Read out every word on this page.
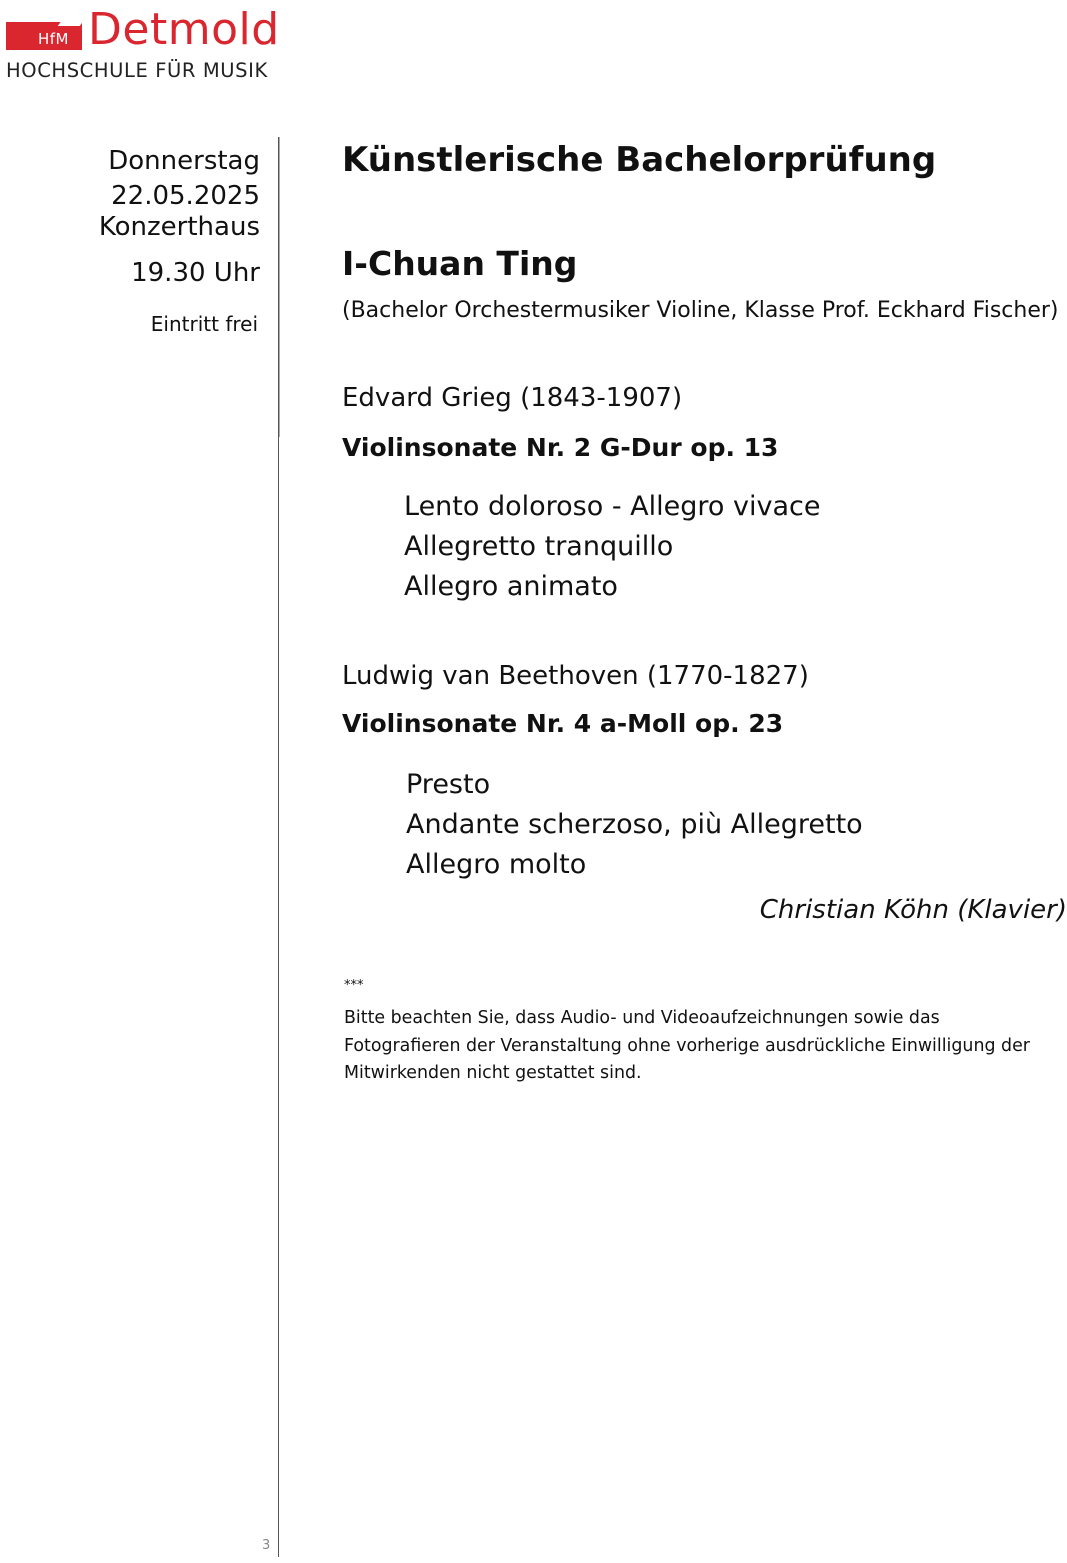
HfM Detmold
HOCHSCHULE FÜR MUSIK
Donnerstag
22.05.2025
Konzerthaus
19.30 Uhr
Eintritt frei
Künstlerische Bachelorprüfung
I-Chuan Ting
(Bachelor Orchestermusiker Violine, Klasse Prof. Eckhard Fischer)
Edvard Grieg (1843-1907)
Violinsonate Nr. 2 G-Dur op. 13
Lento doloroso - Allegro vivace
Allegretto tranquillo
Allegro animato
Ludwig van Beethoven (1770-1827)
Violinsonate Nr. 4 a-Moll op. 23
Presto
Andante scherzoso, più Allegretto
Allegro molto
Christian Köhn (Klavier)
***
Bitte beachten Sie, dass Audio- und Videoaufzeichnungen sowie das Fotografieren der Veranstaltung ohne vorherige ausdrückliche Einwilligung der Mitwirkenden nicht gestattet sind.
3
